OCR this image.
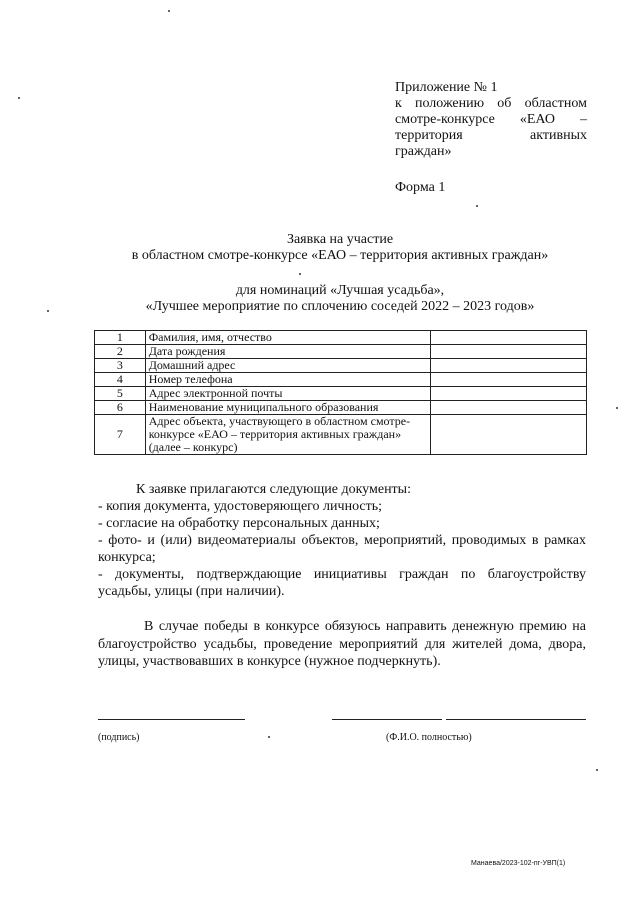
Приложение № 1
к положению об областном
смотре-конкурсе «ЕАО –
территория активных
граждан»
Форма 1
Заявка на участие
в областном смотре-конкурсе «ЕАО – территория активных граждан»
для номинаций «Лучшая усадьба»,
«Лучшее мероприятие по сплочению соседей 2022 – 2023 годов»
1	Фамилия, имя, отчество	
2	Дата рождения	
3	Домашний адрес	
4	Номер телефона	
5	Адрес электронной почты	
6	Наименование муниципального образования	
7	Адрес объекта, участвующего в областном смотре-конкурсе «ЕАО – территория активных граждан» (далее – конкурс)	
К заявке прилагаются следующие документы:
- копия документа, удостоверяющего личность;
- согласие на обработку персональных данных;
- фото- и (или) видеоматериалы объектов, мероприятий, проводимых в рамках конкурса;
- документы, подтверждающие инициативы граждан по благоустройству усадьбы, улицы (при наличии).
В случае победы в конкурсе обязуюсь направить денежную премию на благоустройство усадьбы, проведение мероприятий для жителей дома, двора, улицы, участвовавших в конкурсе (нужное подчеркнуть).
(подпись)	(Ф.И.О. полностью)
Манаева/2023-102-пг-УВП(1)
